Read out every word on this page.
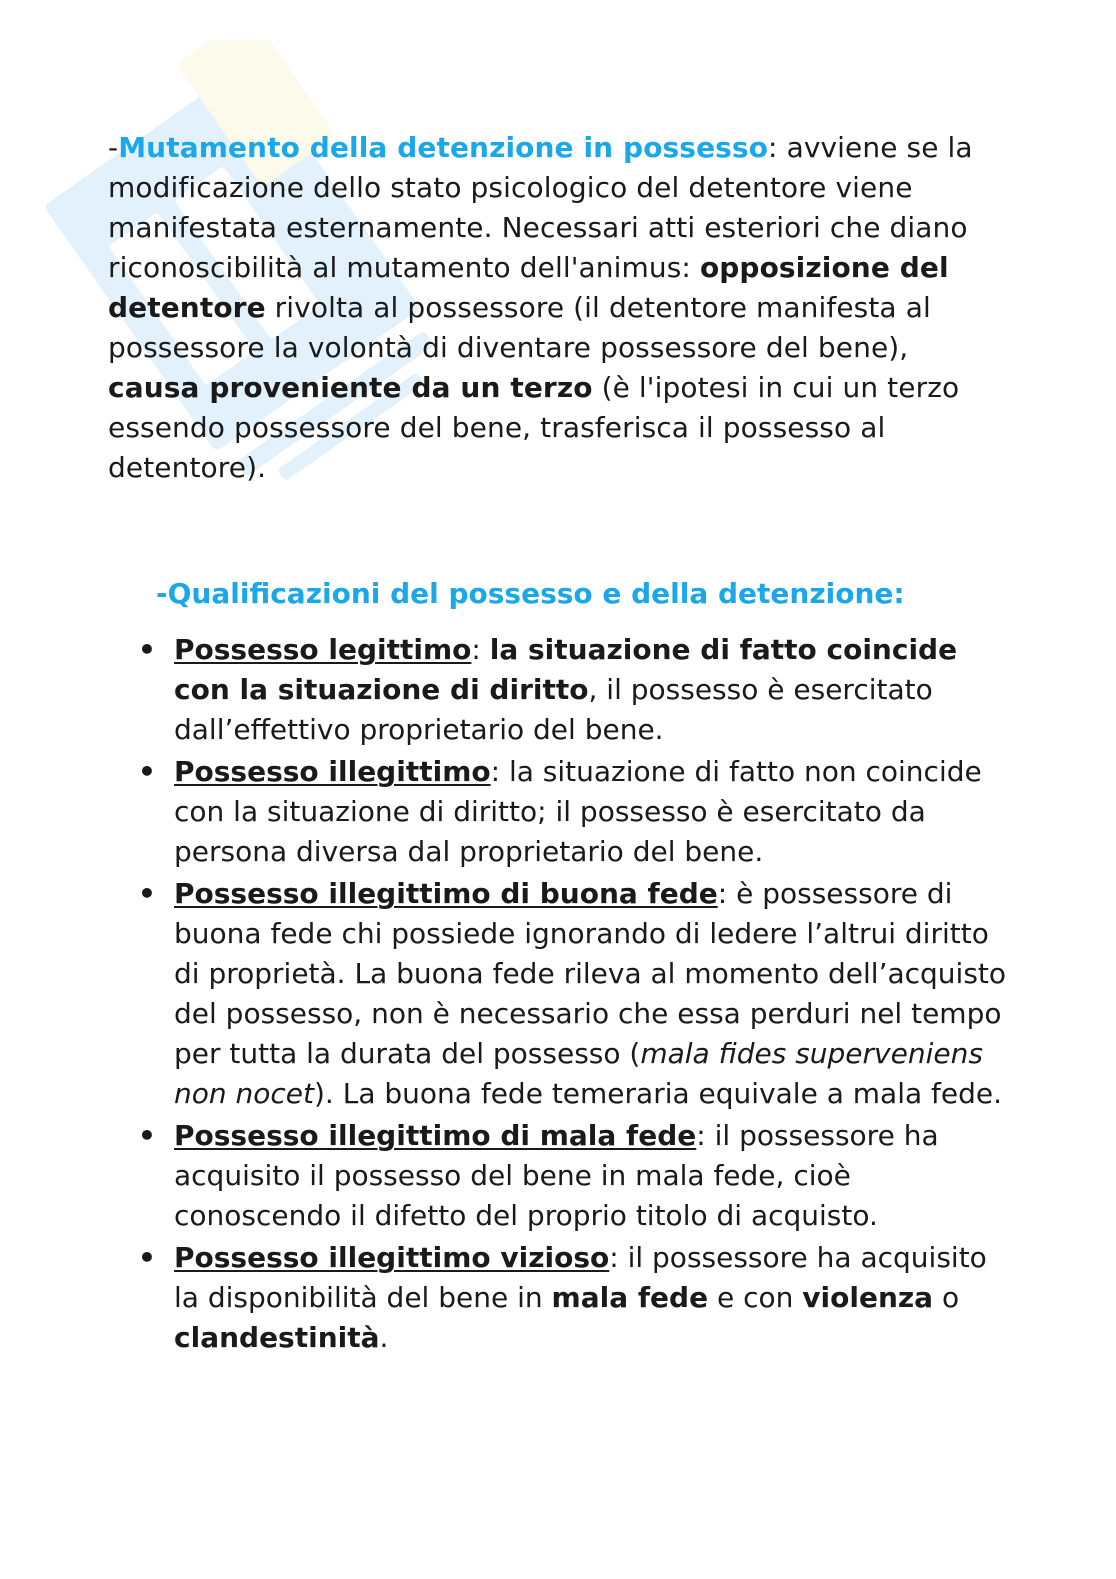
-Mutamento della detenzione in possesso: avviene se la modificazione dello stato psicologico del detentore viene manifestata esternamente. Necessari atti esteriori che diano riconoscibilità al mutamento dell'animus: opposizione del detentore rivolta al possessore (il detentore manifesta al possessore la volontà di diventare possessore del bene), causa proveniente da un terzo (è l'ipotesi in cui un terzo essendo possessore del bene, trasferisca il possesso al detentore).

-Qualificazioni del possesso e della detenzione:
• Possesso legittimo: la situazione di fatto coincide con la situazione di diritto, il possesso è esercitato dall’effettivo proprietario del bene.
• Possesso illegittimo: la situazione di fatto non coincide con la situazione di diritto; il possesso è esercitato da persona diversa dal proprietario del bene.
• Possesso illegittimo di buona fede: è possessore di buona fede chi possiede ignorando di ledere l’altrui diritto di proprietà. La buona fede rileva al momento dell’acquisto del possesso, non è necessario che essa perduri nel tempo per tutta la durata del possesso (mala fides superveniens non nocet). La buona fede temeraria equivale a mala fede.
• Possesso illegittimo di mala fede: il possessore ha acquisito il possesso del bene in mala fede, cioè conoscendo il difetto del proprio titolo di acquisto.
• Possesso illegittimo vizioso: il possessore ha acquisito la disponibilità del bene in mala fede e con violenza o clandestinità.
